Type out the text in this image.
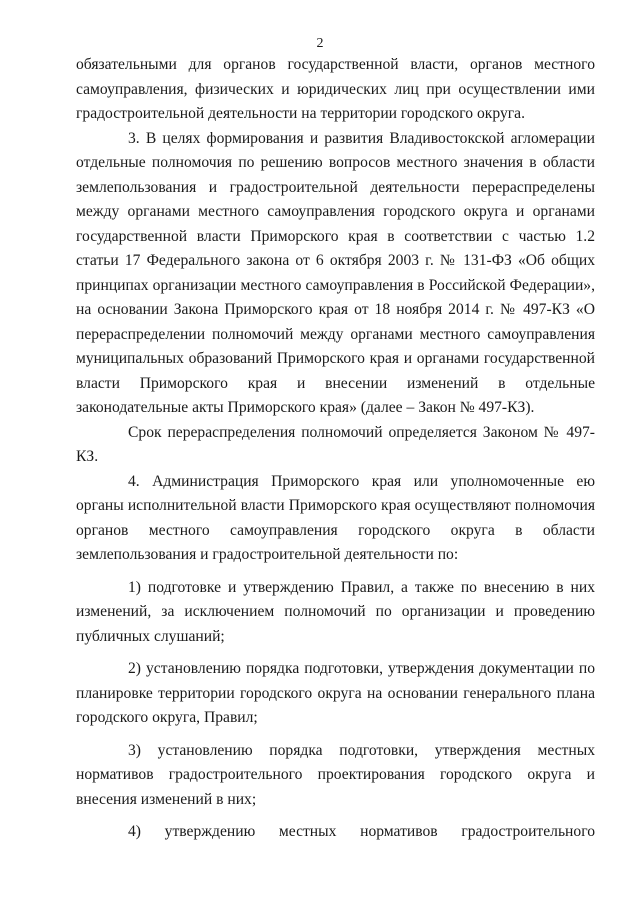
2

обязательными для органов государственной власти, органов местного самоуправления, физических и юридических лиц при осуществлении ими градостроительной деятельности на территории городского округа.

3. В целях формирования и развития Владивостокской агломерации отдельные полномочия по решению вопросов местного значения в области землепользования и градостроительной деятельности перераспределены между органами местного самоуправления городского округа и органами государственной власти Приморского края в соответствии с частью 1.2 статьи 17 Федерального закона от 6 октября 2003 г. № 131-ФЗ «Об общих принципах организации местного самоуправления в Российской Федерации», на основании Закона Приморского края от 18 ноября 2014 г. № 497-КЗ «О перераспределении полномочий между органами местного самоуправления муниципальных образований Приморского края и органами государственной власти Приморского края и внесении изменений в отдельные законодательные акты Приморского края» (далее – Закон № 497-КЗ).

Срок перераспределения полномочий определяется Законом № 497-КЗ.

4. Администрация Приморского края или уполномоченные ею органы исполнительной власти Приморского края осуществляют полномочия органов местного самоуправления городского округа в области землепользования и градостроительной деятельности по:

1) подготовке и утверждению Правил, а также по внесению в них изменений, за исключением полномочий по организации и проведению публичных слушаний;

2) установлению порядка подготовки, утверждения документации по планировке территории городского округа на основании генерального плана городского округа, Правил;

3) установлению порядка подготовки, утверждения местных нормативов градостроительного проектирования городского округа и внесения изменений в них;

4) утверждению местных нормативов градостроительного
